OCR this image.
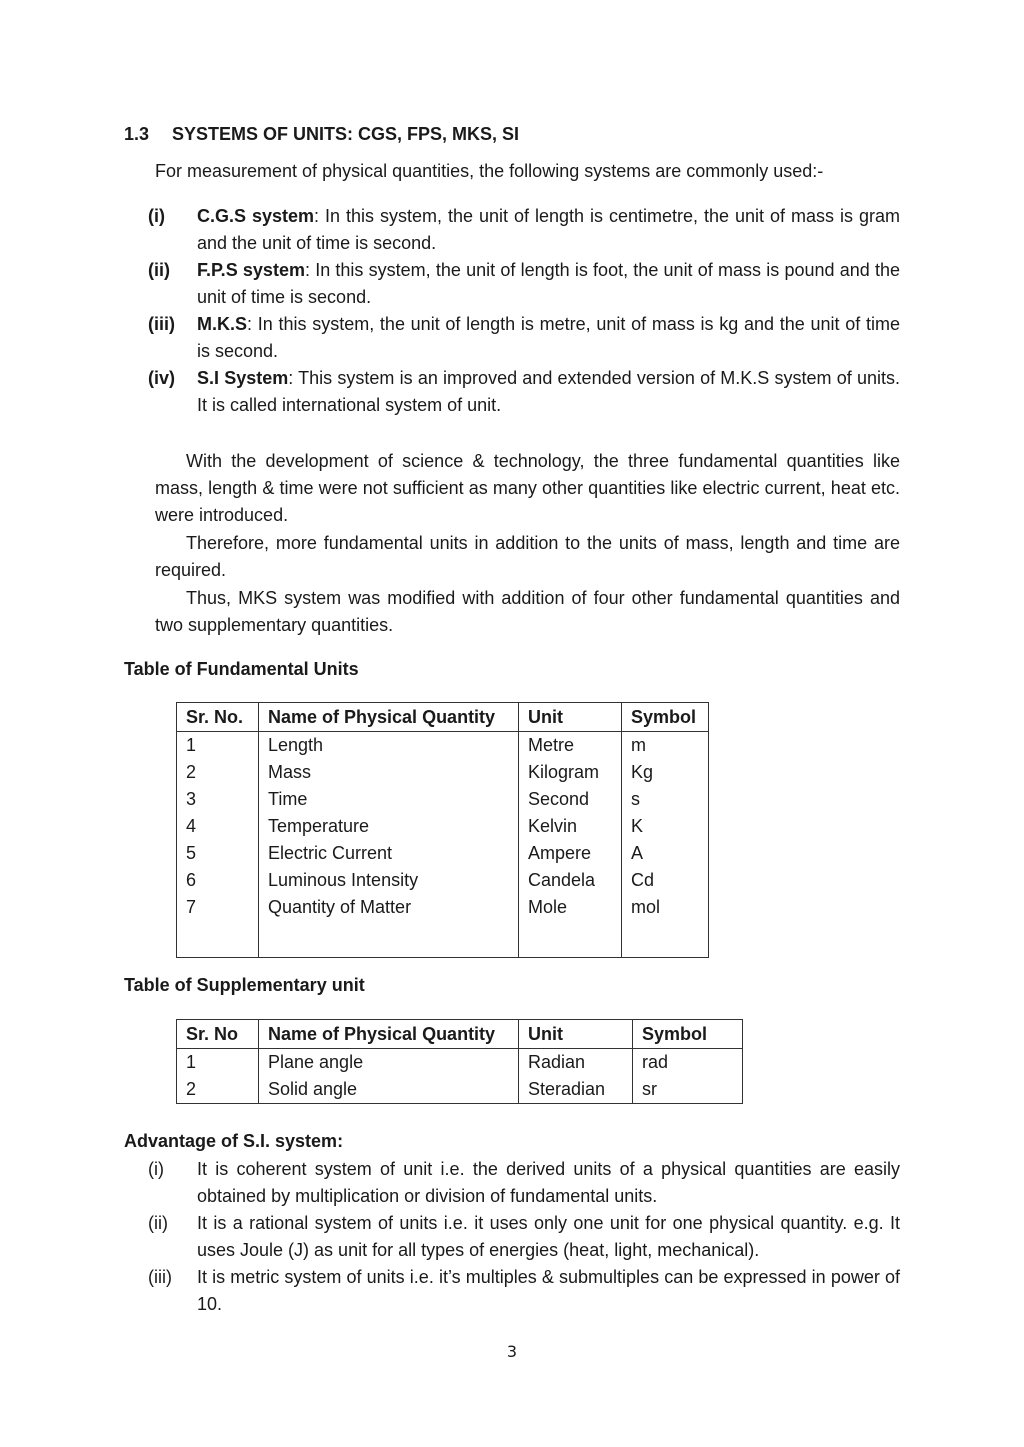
1.3 SYSTEMS OF UNITS: CGS, FPS, MKS, SI
For measurement of physical quantities, the following systems are commonly used:-
(i) C.G.S system: In this system, the unit of length is centimetre, the unit of mass is gram and the unit of time is second.
(ii) F.P.S system: In this system, the unit of length is foot, the unit of mass is pound and the unit of time is second.
(iii) M.K.S: In this system, the unit of length is metre, unit of mass is kg and the unit of time is second.
(iv) S.I System: This system is an improved and extended version of M.K.S system of units. It is called international system of unit.
With the development of science & technology, the three fundamental quantities like mass, length & time were not sufficient as many other quantities like electric current, heat etc. were introduced.
Therefore, more fundamental units in addition to the units of mass, length and time are required.
Thus, MKS system was modified with addition of four other fundamental quantities and two supplementary quantities.
Table of Fundamental Units
Sr. No.	Name of Physical Quantity	Unit	Symbol
1	Length	Metre	m
2	Mass	Kilogram	Kg
3	Time	Second	s
4	Temperature	Kelvin	K
5	Electric Current	Ampere	A
6	Luminous Intensity	Candela	Cd
7	Quantity of Matter	Mole	mol

Table of Supplementary unit
Sr. No	Name of Physical Quantity	Unit	Symbol
1	Plane angle	Radian	rad
2	Solid angle	Steradian	sr
Advantage of S.I. system:
(i) It is coherent system of unit i.e. the derived units of a physical quantities are easily obtained by multiplication or division of fundamental units.
(ii) It is a rational system of units i.e. it uses only one unit for one physical quantity. e.g. It uses Joule (J) as unit for all types of energies (heat, light, mechanical).
(iii) It is metric system of units i.e. it’s multiples & submultiples can be expressed in power of 10.
3
